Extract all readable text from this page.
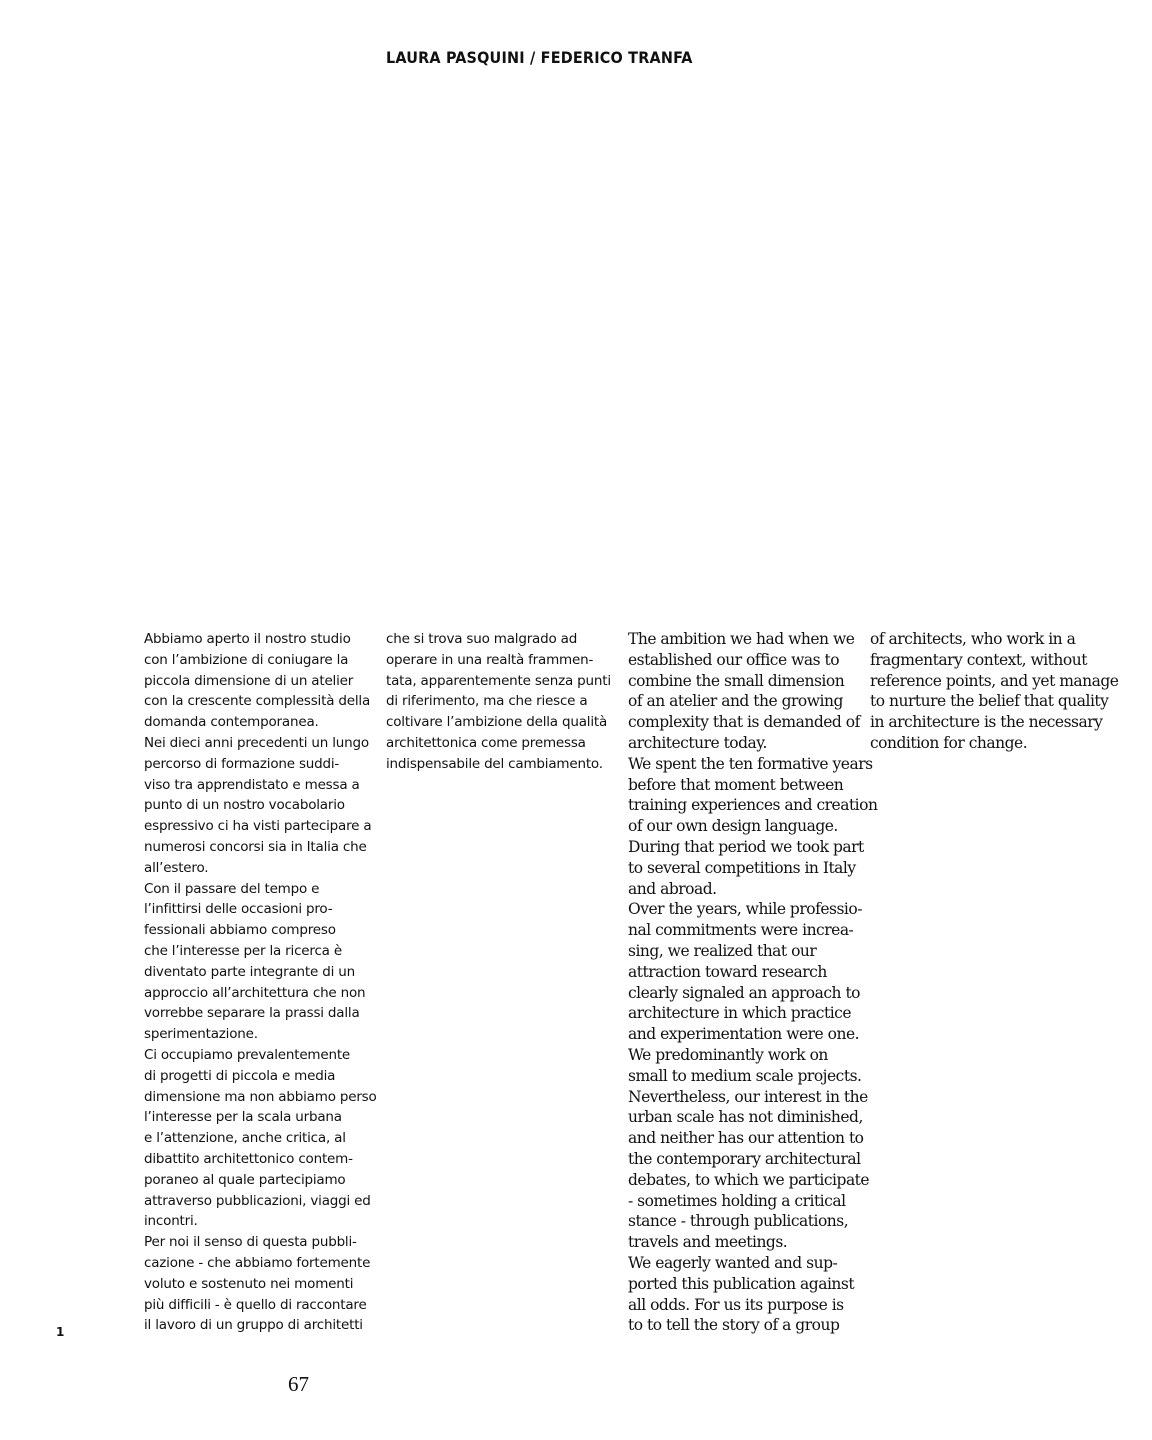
LAURA PASQUINI / FEDERICO TRANFA

Abbiamo aperto il nostro studio

con l’ambizione di coniugare la

piccola dimensione di un atelier

con la crescente complessità della

domanda contemporanea.

Nei dieci anni precedenti un lungo

percorso di formazione suddi-

viso tra apprendistato e messa a

punto di un nostro vocabolario

espressivo ci ha visti partecipare a

numerosi concorsi sia in Italia che

all’estero.

Con il passare del tempo e

l’infittirsi delle occasioni pro-

fessionali abbiamo compreso

che l’interesse per la ricerca è

diventato parte integrante di un

approccio all’architettura che non

vorrebbe separare la prassi dalla

sperimentazione.

Ci occupiamo prevalentemente

di progetti di piccola e media

dimensione ma non abbiamo perso

l’interesse per la scala urbana

e l’attenzione, anche critica, al

dibattito architettonico contem-

poraneo al quale partecipiamo

attraverso pubblicazioni, viaggi ed

incontri.

Per noi il senso di questa pubbli-

cazione - che abbiamo fortemente

voluto e sostenuto nei momenti

più difficili - è quello di raccontare

il lavoro di un gruppo di architetti

che si trova suo malgrado ad

operare in una realtà frammen-

tata, apparentemente senza punti

di riferimento, ma che riesce a

coltivare l’ambizione della qualità

architettonica come premessa

indispensabile del cambiamento.

The ambition we had when we

established our office was to

combine the small dimension

of an atelier and the growing

complexity that is demanded of

architecture today.

We spent the ten formative years

before that moment between

training experiences and creation

of our own design language.

During that period we took part

to several competitions in Italy

and abroad.

Over the years, while professio-

nal commitments were increa-

sing, we realized that our

attraction toward research

clearly signaled an approach to

architecture in which practice

and experimentation were one.

We predominantly work on

small to medium scale projects.

Nevertheless, our interest in the

urban scale has not diminished,

and neither has our attention to

the contemporary architectural

debates, to which we participate

- sometimes holding a critical

stance - through publications,

travels and meetings.

We eagerly wanted and sup-

ported this publication against

all odds. For us its purpose is

to to tell the story of a group

of architects, who work in a

fragmentary context, without

reference points, and yet manage

to nurture the belief that quality

in architecture is the necessary

condition for change.

1
67
